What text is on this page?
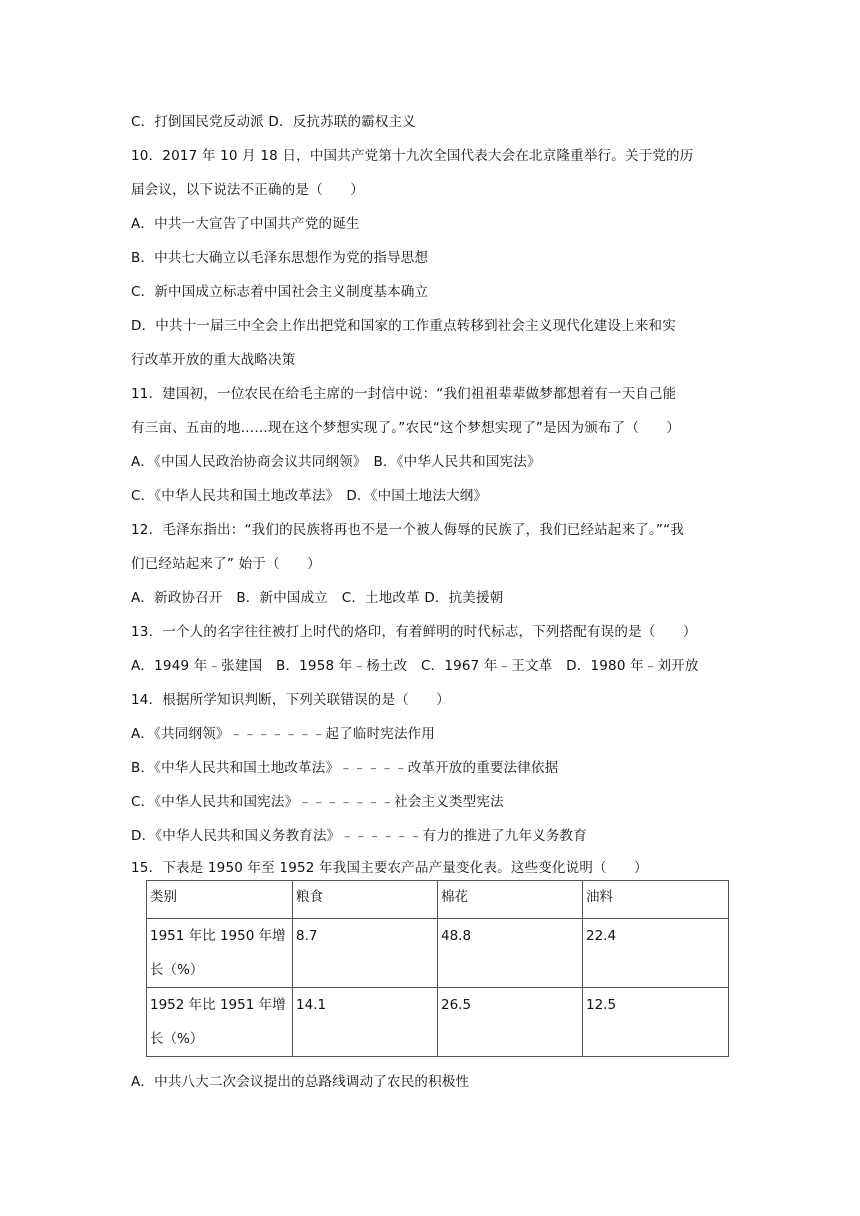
C．打倒国民党反动派 D．反抗苏联的霸权主义
10．2017 年 10 月 18 日，中国共产党第十九次全国代表大会在北京隆重举行。关于党的历
届会议，以下说法不正确的是（　　）
A．中共一大宣告了中国共产党的诞生
B．中共七大确立以毛泽东思想作为党的指导思想
C．新中国成立标志着中国社会主义制度基本确立
D．中共十一届三中全会上作出把党和国家的工作重点转移到社会主义现代化建设上来和实
行改革开放的重大战略决策
11．建国初，一位农民在给毛主席的一封信中说：“我们祖祖辈辈做梦都想着有一天自己能
有三亩、五亩的地……现在这个梦想实现了。”农民“这个梦想实现了”是因为颁布了（　　）
A．《中国人民政治协商会议共同纲领》　B．《中华人民共和国宪法》
C．《中华人民共和国土地改革法》　D．《中国土地法大纲》
12．毛泽东指出：“我们的民族将再也不是一个被人侮辱的民族了，我们已经站起来了。”“我
们已经站起来了” 始于（　　）
A．新政协召开　B．新中国成立　C．土地改革 D．抗美援朝
13．一个人的名字往往被打上时代的烙印，有着鲜明的时代标志，下列搭配有误的是（　　）
A．1949 年﹣张建国　B．1958 年﹣杨土改　C．1967 年﹣王文革　D．1980 年﹣刘开放
14．根据所学知识判断，下列关联错误的是（　　）
A．《共同纲领》﹣﹣﹣﹣﹣﹣﹣起了临时宪法作用
B．《中华人民共和国土地改革法》﹣﹣﹣﹣﹣改革开放的重要法律依据
C．《中华人民共和国宪法》﹣﹣﹣﹣﹣﹣﹣社会主义类型宪法
D．《中华人民共和国义务教育法》﹣﹣﹣﹣﹣﹣有力的推进了九年义务教育
15．下表是 1950 年至 1952 年我国主要农产品产量变化表。这些变化说明（　　）
类别	粮食	棉花	油料

1951 年比 1950 年增
长（%）	8.7	48.8	22.4

1952 年比 1951 年增
长（%）	14.1	26.5	12.5
A．中共八大二次会议提出的总路线调动了农民的积极性
